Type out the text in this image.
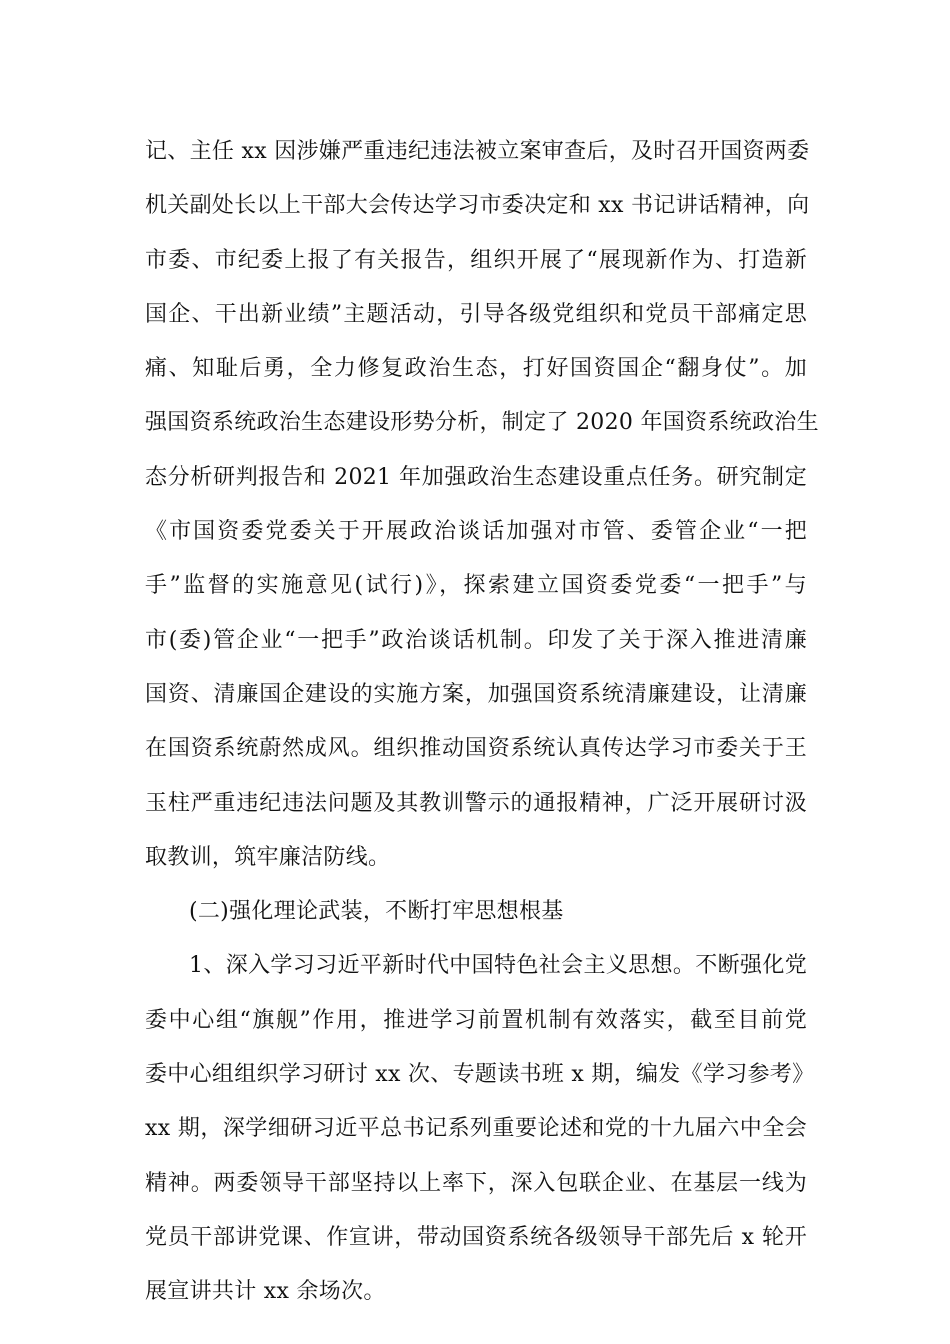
记、主任 xx 因涉嫌严重违纪违法被立案审查后，及时召开国资两委
机关副处长以上干部大会传达学习市委决定和 xx 书记讲话精神，向
市委、市纪委上报了有关报告，组织开展了“展现新作为、打造新
国企、干出新业绩”主题活动，引导各级党组织和党员干部痛定思
痛、知耻后勇，全力修复政治生态，打好国资国企“翻身仗”。加
强国资系统政治生态建设形势分析，制定了 2020 年国资系统政治生
态分析研判报告和 2021 年加强政治生态建设重点任务。研究制定
《市国资委党委关于开展政治谈话加强对市管、委管企业“一把
手”监督的实施意见(试行)》，探索建立国资委党委“一把手”与
市(委)管企业“一把手”政治谈话机制。印发了关于深入推进清廉
国资、清廉国企建设的实施方案，加强国资系统清廉建设，让清廉
在国资系统蔚然成风。组织推动国资系统认真传达学习市委关于王
玉柱严重违纪违法问题及其教训警示的通报精神，广泛开展研讨汲
取教训，筑牢廉洁防线。
(二)强化理论武装，不断打牢思想根基
1、深入学习习近平新时代中国特色社会主义思想。不断强化党
委中心组“旗舰”作用，推进学习前置机制有效落实，截至目前党
委中心组组织学习研讨 xx 次、专题读书班 x 期，编发《学习参考》
xx 期，深学细研习近平总书记系列重要论述和党的十九届六中全会
精神。两委领导干部坚持以上率下，深入包联企业、在基层一线为
党员干部讲党课、作宣讲，带动国资系统各级领导干部先后 x 轮开
展宣讲共计 xx 余场次。
